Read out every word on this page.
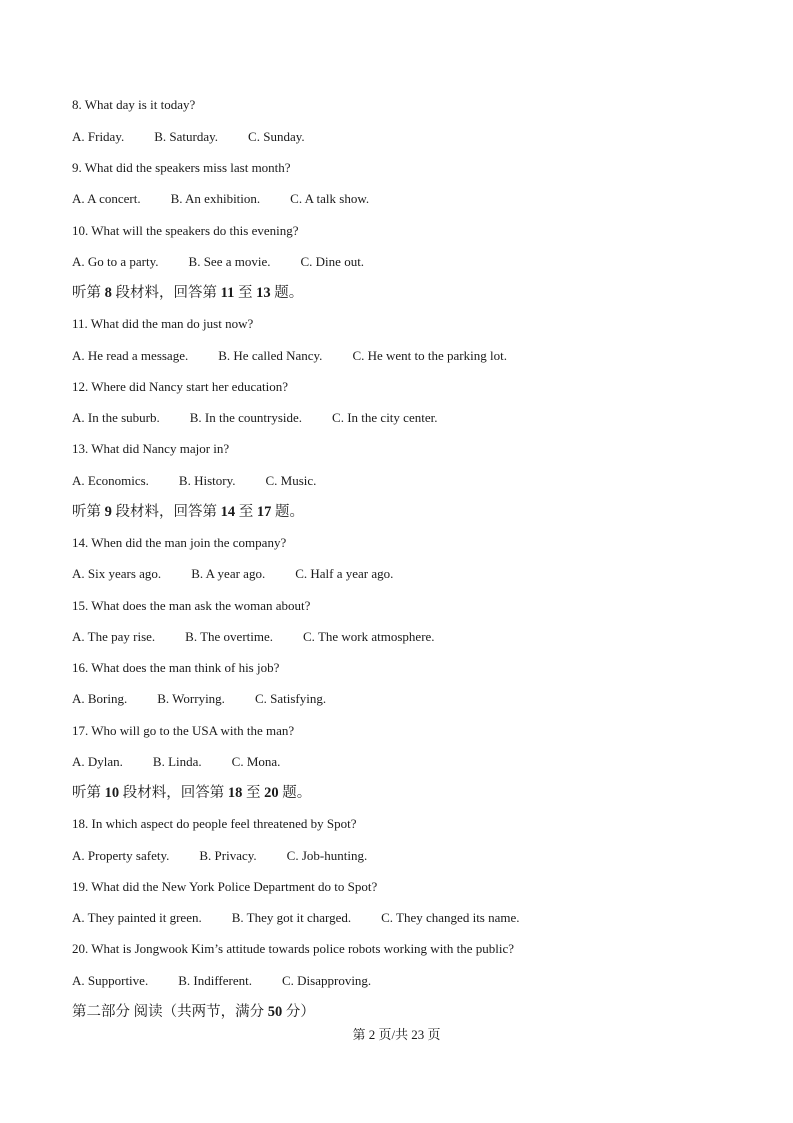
8. What day is it today?
A. Friday. B. Saturday. C. Sunday.
9. What did the speakers miss last month?
A. A concert. B. An exhibition. C. A talk show.
10. What will the speakers do this evening?
A. Go to a party. B. See a movie. C. Dine out.
听第 8 段材料，回答第 11 至 13 题。
11. What did the man do just now?
A. He read a message. B. He called Nancy. C. He went to the parking lot.
12. Where did Nancy start her education?
A. In the suburb. B. In the countryside. C. In the city center.
13. What did Nancy major in?
A. Economics. B. History. C. Music.
听第 9 段材料，回答第 14 至 17 题。
14. When did the man join the company?
A. Six years ago. B. A year ago. C. Half a year ago.
15. What does the man ask the woman about?
A. The pay rise. B. The overtime. C. The work atmosphere.
16. What does the man think of his job?
A. Boring. B. Worrying. C. Satisfying.
17. Who will go to the USA with the man?
A. Dylan. B. Linda. C. Mona.
听第 10 段材料，回答第 18 至 20 题。
18. In which aspect do people feel threatened by Spot?
A. Property safety. B. Privacy. C. Job-hunting.
19. What did the New York Police Department do to Spot?
A. They painted it green. B. They got it charged. C. They changed its name.
20. What is Jongwook Kim’s attitude towards police robots working with the public?
A. Supportive. B. Indifferent. C. Disapproving.
第二部分 阅读（共两节，满分 50 分）
第 2 页/共 23 页
